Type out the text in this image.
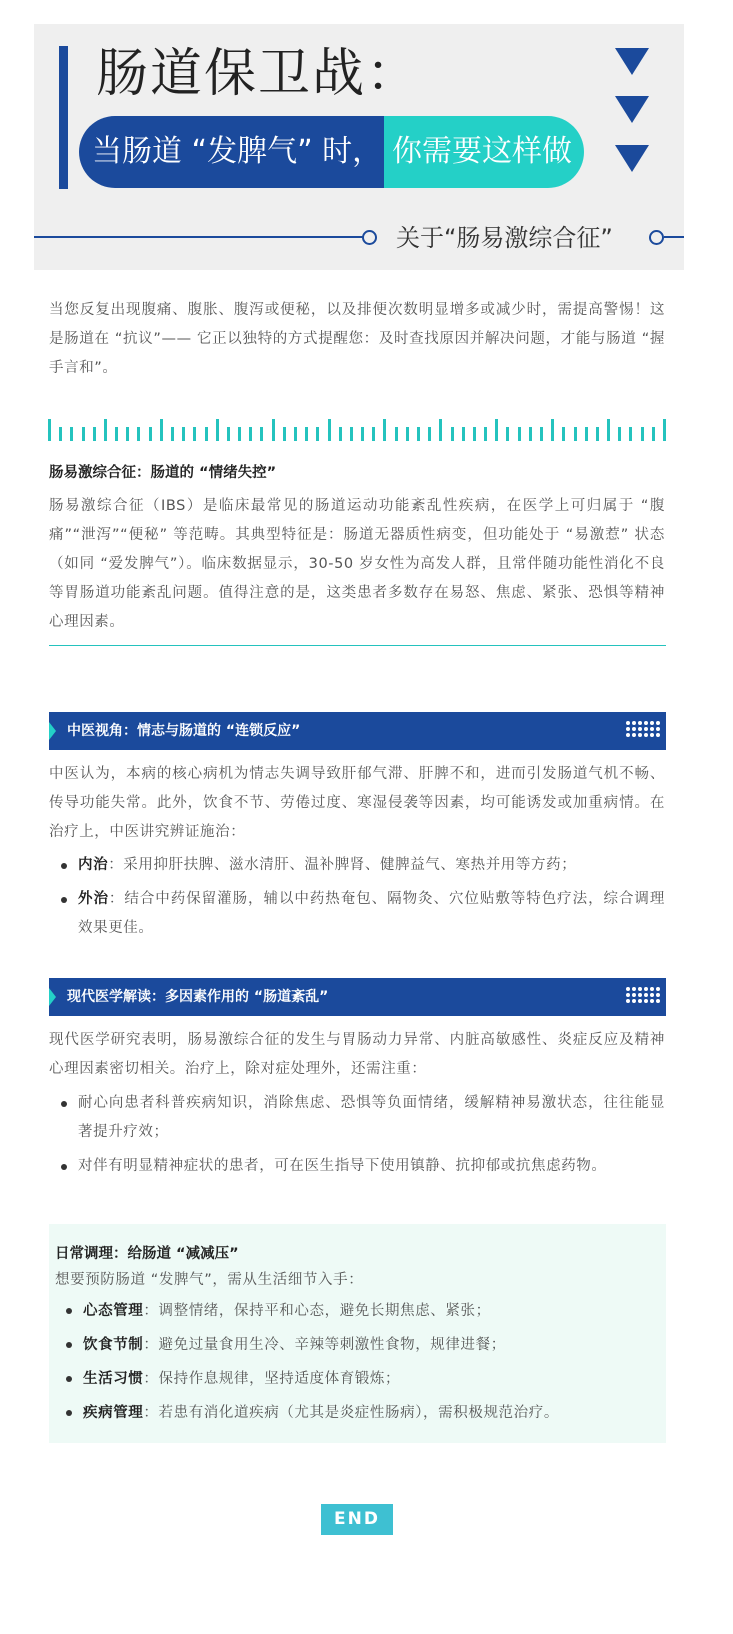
肠道保卫战：
当肠道 “发脾气” 时， 你需要这样做
关于“肠易激综合征”

当您反复出现腹痛、腹胀、腹泻或便秘，以及排便次数明显增多或减少时，需提高警惕！这是肠道在 “抗议”—— 它正以独特的方式提醒您：及时查找原因并解决问题，才能与肠道 “握手言和”。

肠易激综合征：肠道的 “情绪失控”

肠易激综合征（IBS）是临床最常见的肠道运动功能紊乱性疾病，在医学上可归属于 “腹痛”“泄泻”“便秘” 等范畴。其典型特征是：肠道无器质性病变，但功能处于 “易激惹” 状态（如同 “爱发脾气”）。临床数据显示，30-50 岁女性为高发人群，且常伴随功能性消化不良等胃肠道功能紊乱问题。值得注意的是，这类患者多数存在易怒、焦虑、紧张、恐惧等精神心理因素。

中医视角：情志与肠道的 “连锁反应”

中医认为，本病的核心病机为情志失调导致肝郁气滞、肝脾不和，进而引发肠道气机不畅、传导功能失常。此外，饮食不节、劳倦过度、寒湿侵袭等因素，均可能诱发或加重病情。在治疗上，中医讲究辨证施治：

内治：采用抑肝扶脾、滋水清肝、温补脾肾、健脾益气、寒热并用等方药；
外治：结合中药保留灌肠，辅以中药热奄包、隔物灸、穴位贴敷等特色疗法，综合调理效果更佳。
现代医学解读：多因素作用的 “肠道紊乱”

现代医学研究表明，肠易激综合征的发生与胃肠动力异常、内脏高敏感性、炎症反应及精神心理因素密切相关。治疗上，除对症处理外，还需注重：

耐心向患者科普疾病知识，消除焦虑、恐惧等负面情绪，缓解精神易激状态，往往能显著提升疗效；
对伴有明显精神症状的患者，可在医生指导下使用镇静、抗抑郁或抗焦虑药物。
日常调理：给肠道 “减减压”
想要预防肠道 “发脾气”，需从生活细节入手：
心态管理：调整情绪，保持平和心态，避免长期焦虑、紧张；
饮食节制：避免过量食用生冷、辛辣等刺激性食物，规律进餐；
生活习惯：保持作息规律，坚持适度体育锻炼；
疾病管理：若患有消化道疾病（尤其是炎症性肠病），需积极规范治疗。
END
